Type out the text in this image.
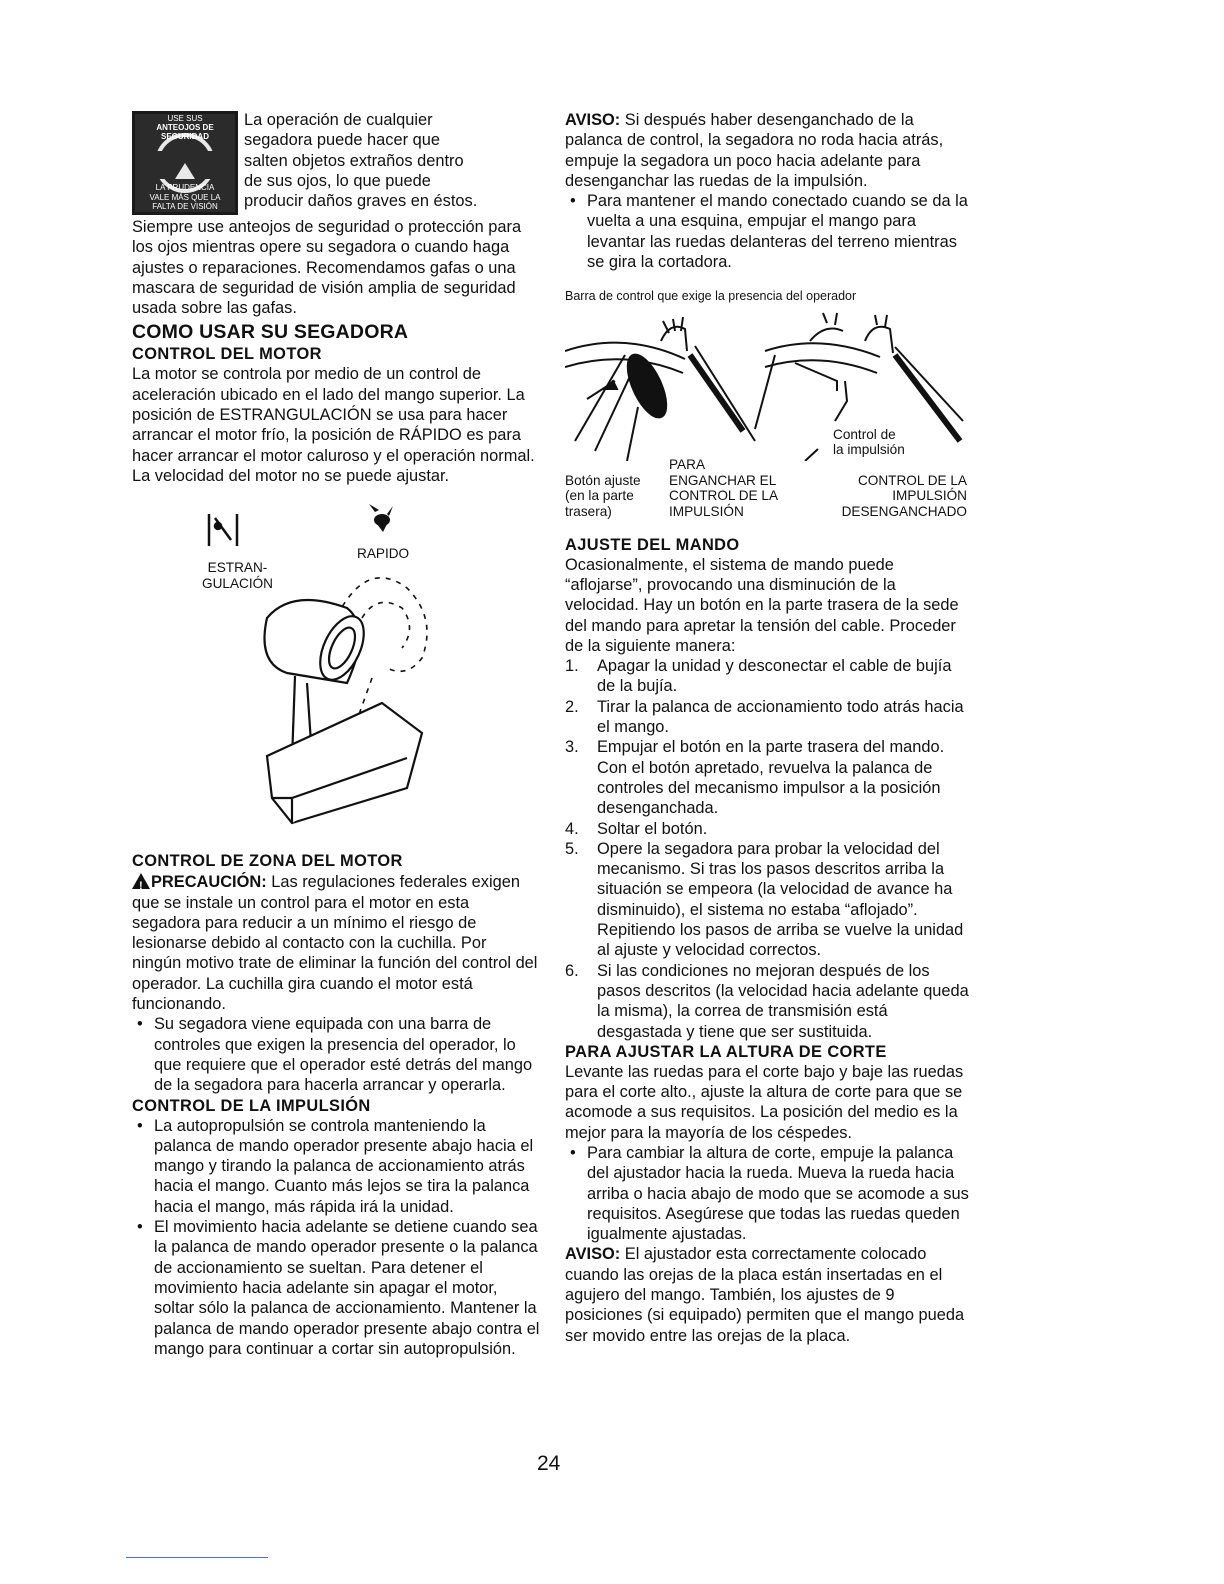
USE SUS
ANTEOJOS DE
SEGURIDAD
LA PRUDENCIA
VALE MÁS QUE LA
FALTA DE VISIÓN

La operación de cualquier

segadora puede hacer que

salten objetos extraños dentro

de sus ojos, lo que puede

producir daños graves en éstos.

Siempre use anteojos de seguridad o protección para los ojos mientras opere su segadora o cuando haga ajustes o reparaciones. Recomendamos gafas o una mascara de seguridad de visión amplia de seguridad usada sobre las gafas.

COMO USAR SU SEGADORA
CONTROL DEL MOTOR

La motor se controla por medio de un control de aceleración ubicado en el lado del mango superior. La posición de ESTRANGULACIÓN se usa para hacer arrancar el motor frío, la posición de RÁPIDO es para hacer arrancar el motor caluroso y el operación normal. La velocidad del motor no se puede ajustar.

RAPIDO
ESTRAN-
GULACIÓN
CONTROL DE ZONA DEL MOTOR

!PRECAUCIÓN: Las regulaciones federales exigen que se instale un control para el motor en esta segadora para reducir a un mínimo el riesgo de lesionarse debido al contacto con la cuchilla. Por ningún motivo trate de eliminar la función del control del operador. La cuchilla gira cuando el motor está funcionando.

• Su segadora viene equipada con una barra de controles que exigen la presencia del operador, lo que requiere que el operador esté detrás del mango de la segadora para hacerla arrancar y operarla.
CONTROL DE LA IMPULSIÓN
• La autopropulsión se controla manteniendo la palanca de mando operador presente abajo hacia el mango y tirando la palanca de accionamiento atrás hacia el mango. Cuanto más lejos se tira la palanca hacia el mango, más rápida irá la unidad.
• El movimiento hacia adelante se detiene cuando sea la palanca de mando operador presente o la palanca de accionamiento se sueltan. Para detener el movimiento hacia adelante sin apagar el motor, soltar sólo la palanca de accionamiento. Mantener la palanca de mando operador presente abajo contra el mango para continuar a cortar sin autopropulsión.

AVISO: Si después haber desenganchado de la palanca de control, la segadora no roda hacia atrás, empuje la segadora un poco hacia adelante para desenganchar las ruedas de la impulsión.

• Para mantener el mando conectado cuando se da la vuelta a una esquina, empujar el mango para levantar las ruedas delanteras del terreno mientras se gira la cortadora.
Barra de control que exige la presencia del operador
Control de
la impulsión
PARA
Botón ajuste
(en la parte
trasera)
ENGANCHAR EL
CONTROL DE LA
IMPULSIÓN
CONTROL DE LA
IMPULSIÓN
DESENGANCHADO
AJUSTE DEL MANDO

Ocasionalmente, el sistema de mando puede “aflojarse”, provocando una disminución de la velocidad. Hay un botón en la parte trasera de la sede del mando para apretar la tensión del cable. Proceder de la siguiente manera:

1. Apagar la unidad y desconectar el cable de bujía de la bujía.
2. Tirar la palanca de accionamiento todo atrás hacia el mango.
3. Empujar el botón en la parte trasera del mando. Con el botón apretado, revuelva la palanca de controles del mecanismo impulsor a la posición desenganchada.
4. Soltar el botón.
5. Opere la segadora para probar la velocidad del mecanismo. Si tras los pasos descritos arriba la situación se empeora (la velocidad de avance ha disminuido), el sistema no estaba “aflojado”. Repitiendo los pasos de arriba se vuelve la unidad al ajuste y velocidad correctos.
6. Si las condiciones no mejoran después de los pasos descritos (la velocidad hacia adelante queda la misma), la correa de transmisión está desgastada y tiene que ser sustituida.
PARA AJUSTAR LA ALTURA DE CORTE

Levante las ruedas para el corte bajo y baje las ruedas para el corte alto., ajuste la altura de corte para que se acomode a sus requisitos. La posición del medio es la mejor para la mayoría de los céspedes.

• Para cambiar la altura de corte, empuje la palanca del ajustador hacia la rueda. Mueva la rueda hacia arriba o hacia abajo de modo que se acomode a sus requisitos. Asegúrese que todas las ruedas queden igualmente ajustadas.

AVISO: El ajustador esta correctamente colocado cuando las orejas de la placa están insertadas en el agujero del mango. También, los ajustes de 9 posiciones (si equipado) permiten que el mango pueda ser movido entre las orejas de la placa.

24
